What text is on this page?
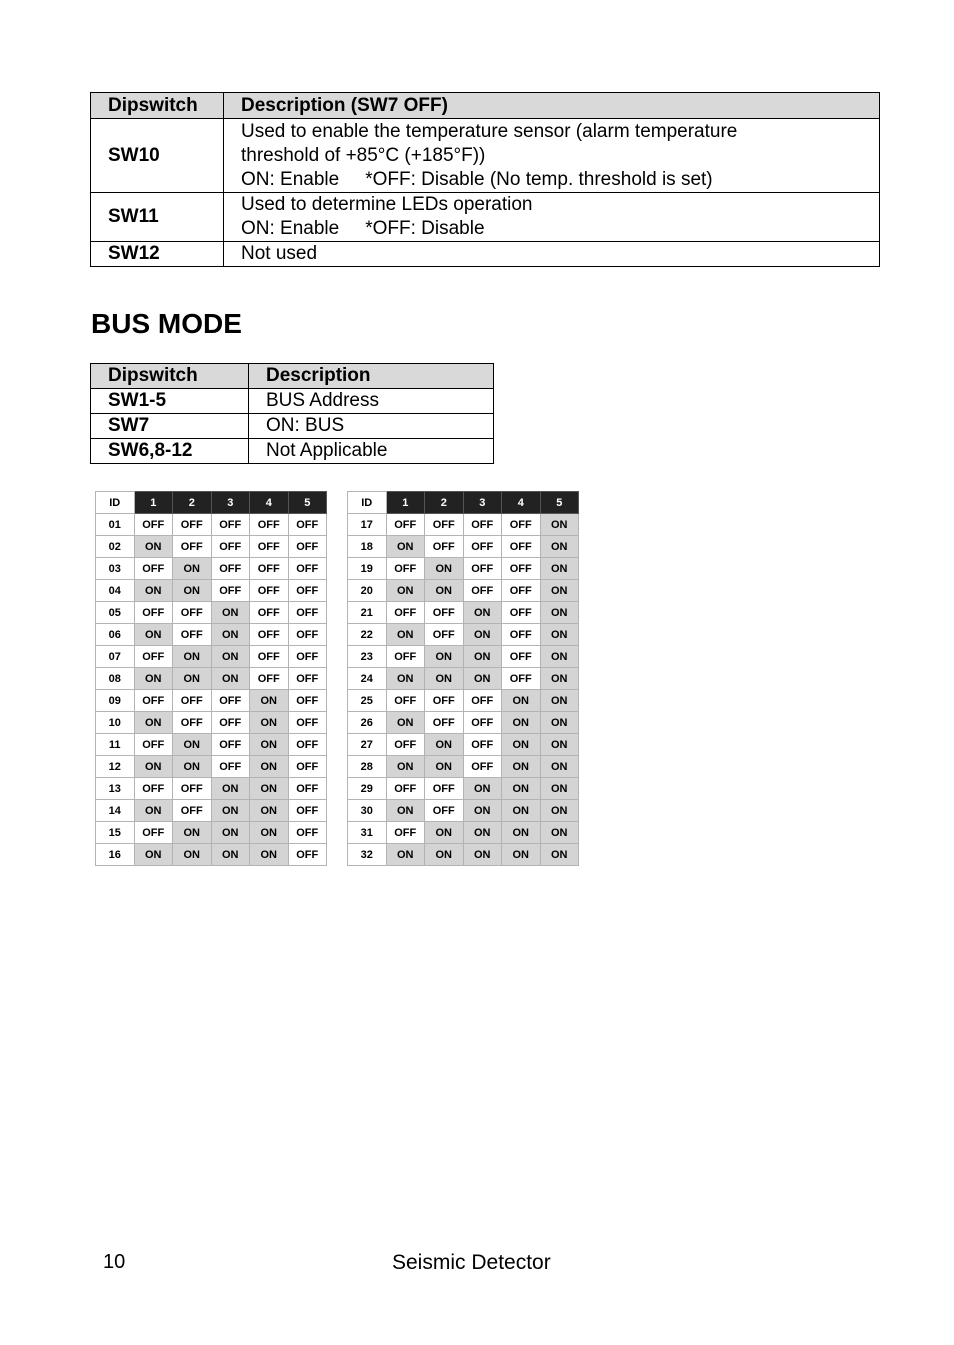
Dipswitch	Description (SW7 OFF)
SW10	Used to enable the temperature sensor (alarm temperature
threshold of +85°C (+185°F))
ON: Enable *OFF: Disable (No temp. threshold is set)

SW11	Used to determine LEDs operation
ON: Enable *OFF: Disable

SW12	Not used
BUS MODE
Dipswitch	Description
SW1-5	BUS Address
SW7	ON: BUS
SW6,8-12	Not Applicable
ID	1	2	3	4	5
01	OFF	OFF	OFF	OFF	OFF
02	ON	OFF	OFF	OFF	OFF
03	OFF	ON	OFF	OFF	OFF
04	ON	ON	OFF	OFF	OFF
05	OFF	OFF	ON	OFF	OFF
06	ON	OFF	ON	OFF	OFF
07	OFF	ON	ON	OFF	OFF
08	ON	ON	ON	OFF	OFF
09	OFF	OFF	OFF	ON	OFF
10	ON	OFF	OFF	ON	OFF
11	OFF	ON	OFF	ON	OFF
12	ON	ON	OFF	ON	OFF
13	OFF	OFF	ON	ON	OFF
14	ON	OFF	ON	ON	OFF
15	OFF	ON	ON	ON	OFF
16	ON	ON	ON	ON	OFF
ID	1	2	3	4	5
17	OFF	OFF	OFF	OFF	ON
18	ON	OFF	OFF	OFF	ON
19	OFF	ON	OFF	OFF	ON
20	ON	ON	OFF	OFF	ON
21	OFF	OFF	ON	OFF	ON
22	ON	OFF	ON	OFF	ON
23	OFF	ON	ON	OFF	ON
24	ON	ON	ON	OFF	ON
25	OFF	OFF	OFF	ON	ON
26	ON	OFF	OFF	ON	ON
27	OFF	ON	OFF	ON	ON
28	ON	ON	OFF	ON	ON
29	OFF	OFF	ON	ON	ON
30	ON	OFF	ON	ON	ON
31	OFF	ON	ON	ON	ON
32	ON	ON	ON	ON	ON
10	Seismic Detector
